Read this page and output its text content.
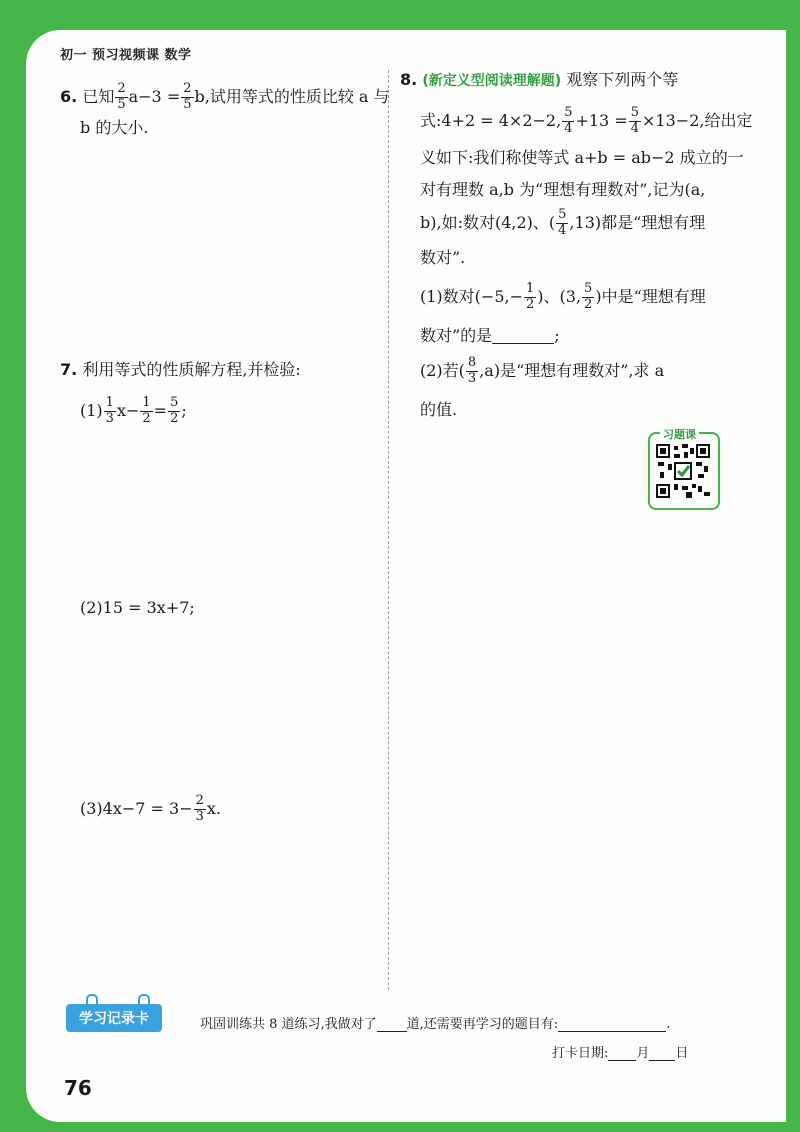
初一 预习视频课 数学
6. 已知 $\frac{2}{5} a-3 = \frac{2}{5} b$,试用等式的性质比较 a 与
b 的大小.
7. 利用等式的性质解方程,并检验:
$(1) \frac{1}{3} x- \frac{1}{2} = \frac{5}{2}$ ;
(2)15 = 3x+7;
$(3)4x-7 = 3- \frac{2}{3} x$.
8. (新定义型阅读理解题) 观察下列两个等
式:4+2 = 4×2−2, $\frac{5}{4} +13 = \frac{5}{4} \times 13-2$,给出定
义如下:我们称使等式 a+b = ab−2 成立的一
对有理数 a,b 为“理想有理数对”,记为(a,
b),如:数对(4,2)、( $\frac{5}{4} ,13$)都是“理想有理
数对”.
(1)数对($-5,- \frac{1}{2}$ )、(3, $\frac{5}{2}$ )中是“理想有理
数对”的是	;
(2)若( $\frac{8}{3} ,a$)是“理想有理数对”,求 a
的值.
习题课
学习记录卡	巩固训练共 8 道练习,我做对了 道,还需要再学习的题目有:	.
打卡日期: 月 日
76
